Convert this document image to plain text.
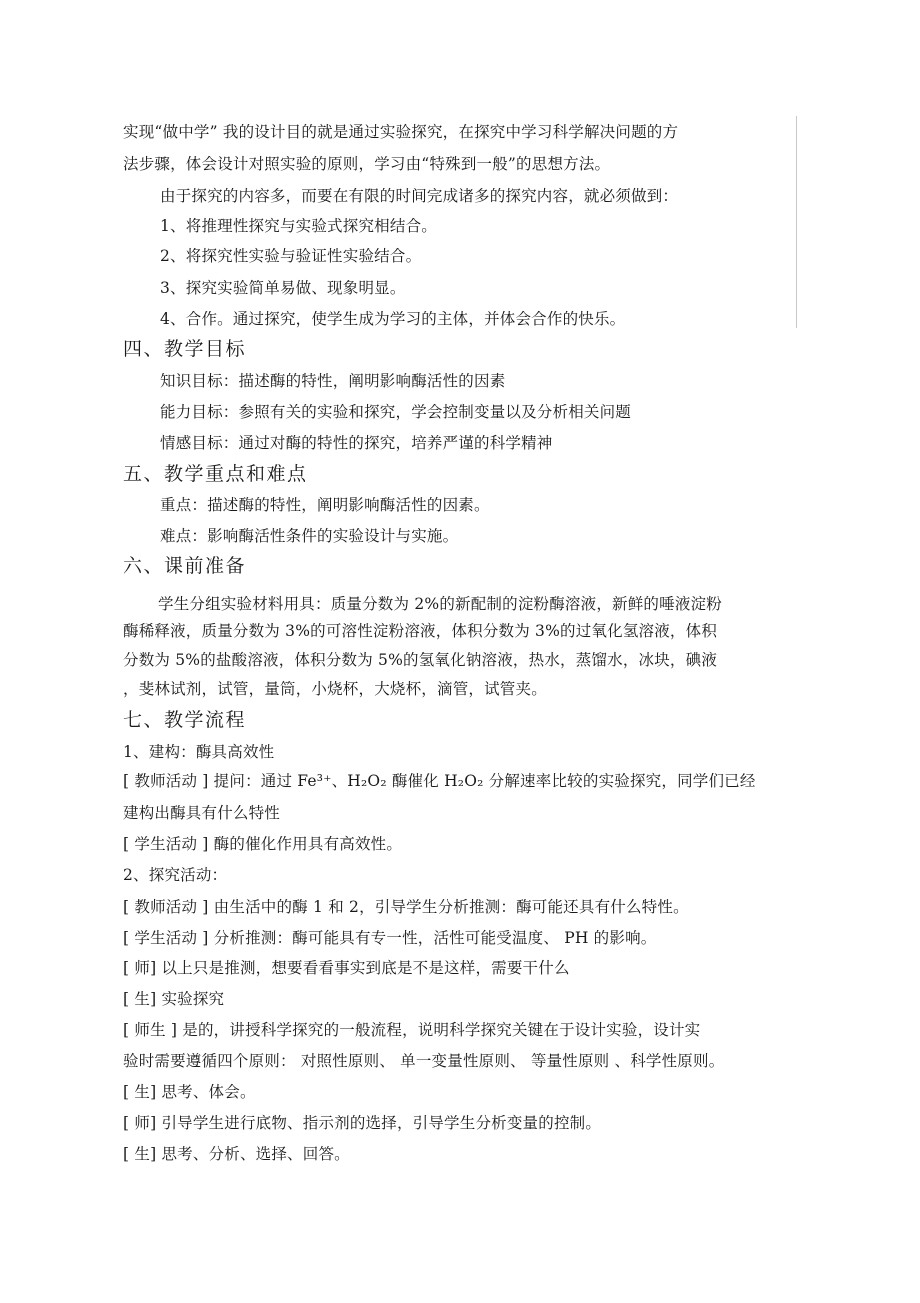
实现“做中学” 我的设计目的就是通过实验探究，在探究中学习科学解决问题的方
法步骤，体会设计对照实验的原则，学习由“特殊到一般”的思想方法。
由于探究的内容多，而要在有限的时间完成诸多的探究内容，就必须做到：
1、将推理性探究与实验式探究相结合。
2、将探究性实验与验证性实验结合。
3、探究实验简单易做、现象明显。
4、合作。通过探究，使学生成为学习的主体，并体会合作的快乐。
四、教学目标
知识目标：描述酶的特性，阐明影响酶活性的因素
能力目标：参照有关的实验和探究，学会控制变量以及分析相关问题
情感目标：通过对酶的特性的探究，培养严谨的科学精神
五、教学重点和难点
重点：描述酶的特性，阐明影响酶活性的因素。
难点：影响酶活性条件的实验设计与实施。
六、课前准备
学生分组实验材料用具：质量分数为 2%的新配制的淀粉酶溶液，新鲜的唾液淀粉
酶稀释液，质量分数为 3%的可溶性淀粉溶液，体积分数为 3%的过氧化氢溶液，体积
分数为 5%的盐酸溶液，体积分数为 5%的氢氧化钠溶液，热水，蒸馏水，冰块，碘液
，斐林试剂，试管，量筒，小烧杯，大烧杯，滴管，试管夹。
七、教学流程
1、建构：酶具高效性
[ 教师活动 ] 提问：通过 Fe³⁺、H₂O₂ 酶催化 H₂O₂ 分解速率比较的实验探究，同学们已经
建构出酶具有什么特性
[ 学生活动 ] 酶的催化作用具有高效性。
2、探究活动：
[ 教师活动 ] 由生活中的酶 1 和 2，引导学生分析推测：酶可能还具有什么特性。
[ 学生活动 ] 分析推测：酶可能具有专一性，活性可能受温度、 PH 的影响。
[ 师] 以上只是推测，想要看看事实到底是不是这样，需要干什么
[ 生] 实验探究
[ 师生 ] 是的，讲授科学探究的一般流程，说明科学探究关键在于设计实验，设计实
验时需要遵循四个原则： 对照性原则、 单一变量性原则、 等量性原则 、科学性原则。
[ 生] 思考、体会。
[ 师] 引导学生进行底物、指示剂的选择，引导学生分析变量的控制。
[ 生] 思考、分析、选择、回答。
